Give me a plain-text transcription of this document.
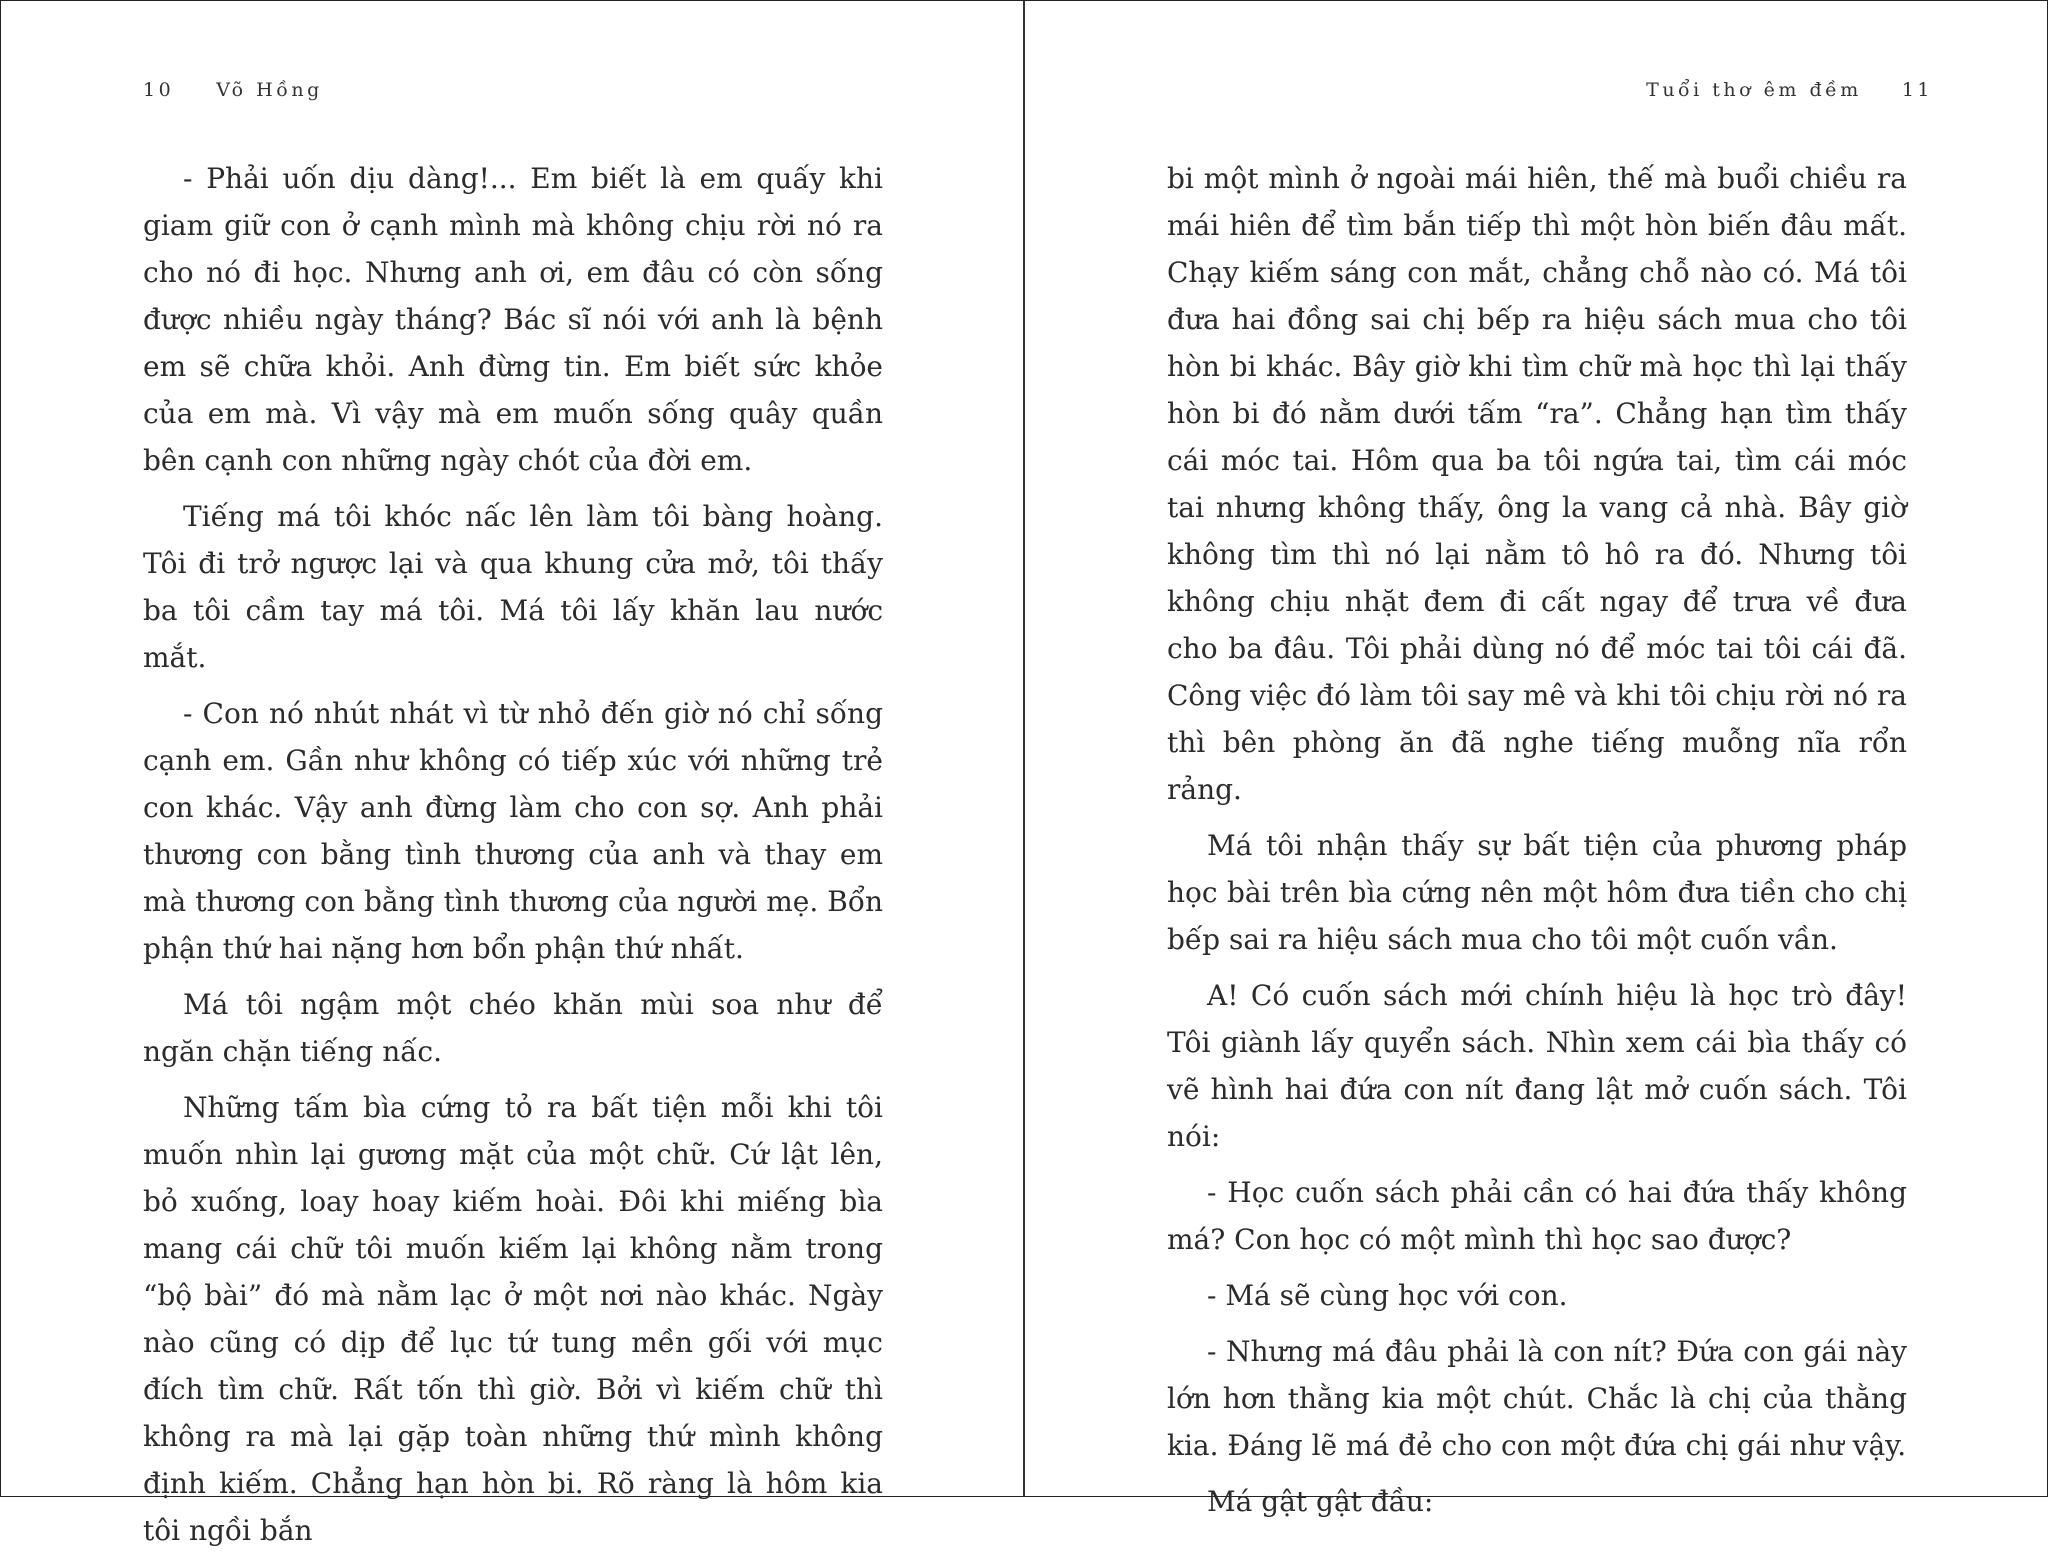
10 Võ Hồng

- Phải uốn dịu dàng!... Em biết là em quấy khi giam giữ con ở cạnh mình mà không chịu rời nó ra cho nó đi học. Nhưng anh ơi, em đâu có còn sống được nhiều ngày tháng? Bác sĩ nói với anh là bệnh em sẽ chữa khỏi. Anh đừng tin. Em biết sức khỏe của em mà. Vì vậy mà em muốn sống quây quần bên cạnh con những ngày chót của đời em.

Tiếng má tôi khóc nấc lên làm tôi bàng hoàng. Tôi đi trở ngược lại và qua khung cửa mở, tôi thấy ba tôi cầm tay má tôi. Má tôi lấy khăn lau nước mắt.

- Con nó nhút nhát vì từ nhỏ đến giờ nó chỉ sống cạnh em. Gần như không có tiếp xúc với những trẻ con khác. Vậy anh đừng làm cho con sợ. Anh phải thương con bằng tình thương của anh và thay em mà thương con bằng tình thương của người mẹ. Bổn phận thứ hai nặng hơn bổn phận thứ nhất.

Má tôi ngậm một chéo khăn mùi soa như để ngăn chặn tiếng nấc.

Những tấm bìa cứng tỏ ra bất tiện mỗi khi tôi muốn nhìn lại gương mặt của một chữ. Cứ lật lên, bỏ xuống, loay hoay kiếm hoài. Đôi khi miếng bìa mang cái chữ tôi muốn kiếm lại không nằm trong “bộ bài” đó mà nằm lạc ở một nơi nào khác. Ngày nào cũng có dịp để lục tứ tung mền gối với mục đích tìm chữ. Rất tốn thì giờ. Bởi vì kiếm chữ thì không ra mà lại gặp toàn những thứ mình không định kiếm. Chẳng hạn hòn bi. Rõ ràng là hôm kia tôi ngồi bắn

Tuổi thơ êm đềm 11

bi một mình ở ngoài mái hiên, thế mà buổi chiều ra mái hiên để tìm bắn tiếp thì một hòn biến đâu mất. Chạy kiếm sáng con mắt, chẳng chỗ nào có. Má tôi đưa hai đồng sai chị bếp ra hiệu sách mua cho tôi hòn bi khác. Bây giờ khi tìm chữ mà học thì lại thấy hòn bi đó nằm dưới tấm “ra”. Chẳng hạn tìm thấy cái móc tai. Hôm qua ba tôi ngứa tai, tìm cái móc tai nhưng không thấy, ông la vang cả nhà. Bây giờ không tìm thì nó lại nằm tô hô ra đó. Nhưng tôi không chịu nhặt đem đi cất ngay để trưa về đưa cho ba đâu. Tôi phải dùng nó để móc tai tôi cái đã. Công việc đó làm tôi say mê và khi tôi chịu rời nó ra thì bên phòng ăn đã nghe tiếng muỗng nĩa rổn rảng.

Má tôi nhận thấy sự bất tiện của phương pháp học bài trên bìa cứng nên một hôm đưa tiền cho chị bếp sai ra hiệu sách mua cho tôi một cuốn vần.

A! Có cuốn sách mới chính hiệu là học trò đây! Tôi giành lấy quyển sách. Nhìn xem cái bìa thấy có vẽ hình hai đứa con nít đang lật mở cuốn sách. Tôi nói:

- Học cuốn sách phải cần có hai đứa thấy không má? Con học có một mình thì học sao được?

- Má sẽ cùng học với con.

- Nhưng má đâu phải là con nít? Đứa con gái này lớn hơn thằng kia một chút. Chắc là chị của thằng kia. Đáng lẽ má đẻ cho con một đứa chị gái như vậy.

Má gật gật đầu:
